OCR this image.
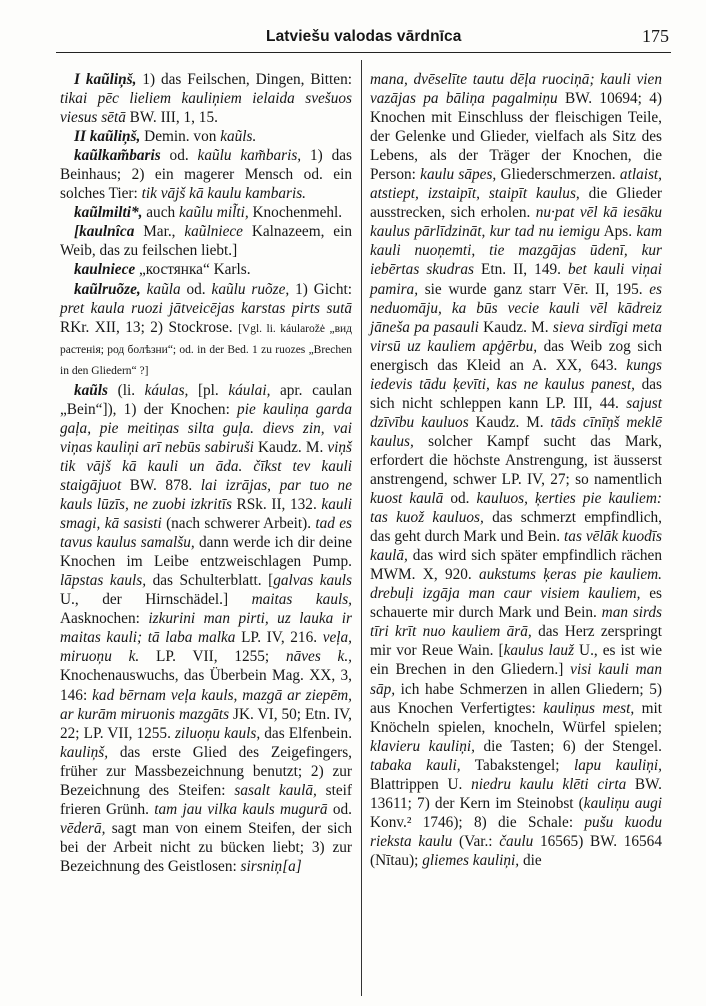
Latviešu valodas vārdnīca	175

I kaũliņš, 1) das Feilschen, Dingen, Bitten: tikai pēc lieliem kauliņiem ielaida svešuos viesus sētā BW. III, 1, 15.

II kaũliņš, Demin. von kaũls.

kaũlkam̃baris od. kaũlu kam̃baris, 1) das Beinhaus; 2) ein magerer Mensch od. ein solches Tier: tik vājš kā kaulu kambaris.

kaũlmilti*, auch kaũlu mil̃ti, Knochenmehl.

[kaulnîca Mar., kaũlniece Kalnazeem, ein Weib, das zu feilschen liebt.]

kaulniece „костянка“ Karls.

kaũlruõze, kaũla od. kaũlu ruõze, 1) Gicht: pret kaula ruozi jātveicējas karstas pirts sutā RKr. XII, 13; 2) Stockrose. [Vgl. li. káularožė „вид растенія; род болѣзни“; od. in der Bed. 1 zu ruozes „Brechen in den Gliedern“ ?]

kaũls (li. káulas, [pl. káulai, apr. caulan „Bein“]), 1) der Knochen: pie kauliņa garda gaļa, pie meitiņas silta guļa. dievs zin, vai viņas kauliņi arī nebūs sabiruši Kaudz. M. viņš tik vājš kā kauli un āda. čīkst tev kauli staigājuot BW. 878. lai izrājas, par tuo ne kauls lūzīs, ne zuobi izkritīs RSk. II, 132. kauli smagi, kā sasisti (nach schwerer Arbeit). tad es tavus kaulus samalšu, dann werde ich dir deine Knochen im Leibe entzweischlagen Pump. lāpstas kauls, das Schulterblatt. [galvas kauls U., der Hirnschädel.] maitas kauls, Aasknochen: izkurini man pirti, uz lauka ir maitas kauli; tā laba malka LP. IV, 216. veļa, miruoņu k. LP. VII, 1255; nāves k., Knochenauswuchs, das Überbein Mag. XX, 3, 146: kad bērnam veļa kauls, mazgā ar ziepēm, ar kurām miruonis mazgāts JK. VI, 50; Etn. IV, 22; LP. VII, 1255. ziluoņu kauls, das Elfenbein. kauliņš, das erste Glied des Zeigefingers, früher zur Massbezeichnung benutzt; 2) zur Bezeichnung des Steifen: sasalt kaulā, steif frieren Grünh. tam jau vilka kauls mugurā od. vēderā, sagt man von einem Steifen, der sich bei der Arbeit nicht zu bücken liebt; 3) zur Bezeichnung des Geistlosen: sirsniņ[a]

mana, dvēselīte tautu dēļa ruociņā; kauli vien vazājas pa bāliņa pagalmiņu BW. 10694; 4) Knochen mit Einschluss der fleischigen Teile, der Gelenke und Glieder, vielfach als Sitz des Lebens, als der Träger der Knochen, die Person: kaulu sāpes, Gliederschmerzen. atlaist, atstiept, izstaipīt, staipīt kaulus, die Glieder ausstrecken, sich erholen. nu·pat vēl kā iesāku kaulus pārlīdzināt, kur tad nu iemigu Aps. kam kauli nuoņemti, tie mazgājas ūdenī, kur iebērtas skudras Etn. II, 149. bet kauli viņai pamira, sie wurde ganz starr Vēr. II, 195. es neduomāju, ka būs vecie kauli vēl kādreiz jāneša pa pasauli Kaudz. M. sieva sirdīgi meta virsū uz kauliem apģērbu, das Weib zog sich energisch das Kleid an A. XX, 643. kungs iedevis tādu ķevīti, kas ne kaulus panest, das sich nicht schleppen kann LP. III, 44. sajust dzīvību kauluos Kaudz. M. tāds cīnīņš meklē kaulus, solcher Kampf sucht das Mark, erfordert die höchste Anstrengung, ist äusserst anstrengend, schwer LP. IV, 27; so namentlich kuost kaulā od. kauluos, ķerties pie kauliem: tas kuož kauluos, das schmerzt empfindlich, das geht durch Mark und Bein. tas vēlāk kuodīs kaulā, das wird sich später empfindlich rächen MWM. X, 920. aukstums ķeras pie kauliem. drebuļi izgāja man caur visiem kauliem, es schauerte mir durch Mark und Bein. man sirds tīri krīt nuo kauliem ārā, das Herz zerspringt mir vor Reue Wain. [kaulus lauž U., es ist wie ein Brechen in den Gliedern.] visi kauli man sāp, ich habe Schmerzen in allen Gliedern; 5) aus Knochen Verfertigtes: kauliņus mest, mit Knöcheln spielen, knocheln, Würfel spielen; klavieru kauliņi, die Tasten; 6) der Stengel. tabaka kauli, Tabakstengel; lapu kauliņi, Blattrippen U. niedru kaulu klēti cirta BW. 13611; 7) der Kern im Steinobst (kauliņu augi Konv.² 1746); 8) die Schale: pušu kuodu rieksta kaulu (Var.: čaulu 16565) BW. 16564 (Nītau); gliemes kauliņi, die
